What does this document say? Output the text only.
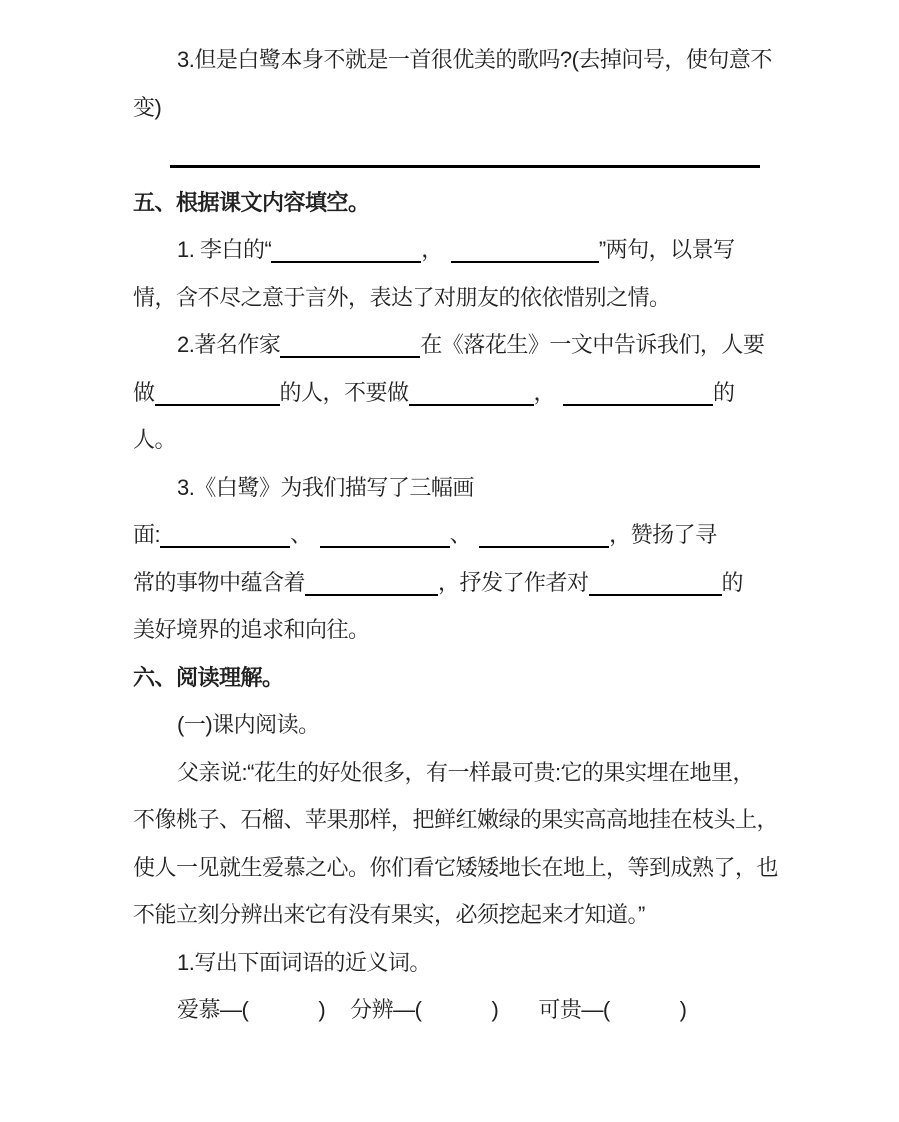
3.但是白鹭本身不就是一首很优美的歌吗?(去掉问号，使句意不
变)
五、根据课文内容填空。
1. 李白的“	，	”两句，以景写
情，含不尽之意于言外，表达了对朋友的依依惜别之情。
2.著名作家	在《落花生》一文中告诉我们，人要
做	的人，不要做	，	的
人。
3.《白鹭》为我们描写了三幅画
面:	、	、	，赞扬了寻
常的事物中蕴含着	，抒发了作者对	的
美好境界的追求和向往。
六、阅读理解。
(一)课内阅读。
父亲说:“花生的好处很多，有一样最可贵:它的果实埋在地里，
不像桃子、石榴、苹果那样，把鲜红嫩绿的果实高高地挂在枝头上，
使人一见就生爱慕之心。你们看它矮矮地长在地上，等到成熟了，也
不能立刻分辨出来它有没有果实，必须挖起来才知道。”
1.写出下面词语的近义词。
爱慕—(	) 分辨—(	) 可贵—(	)
